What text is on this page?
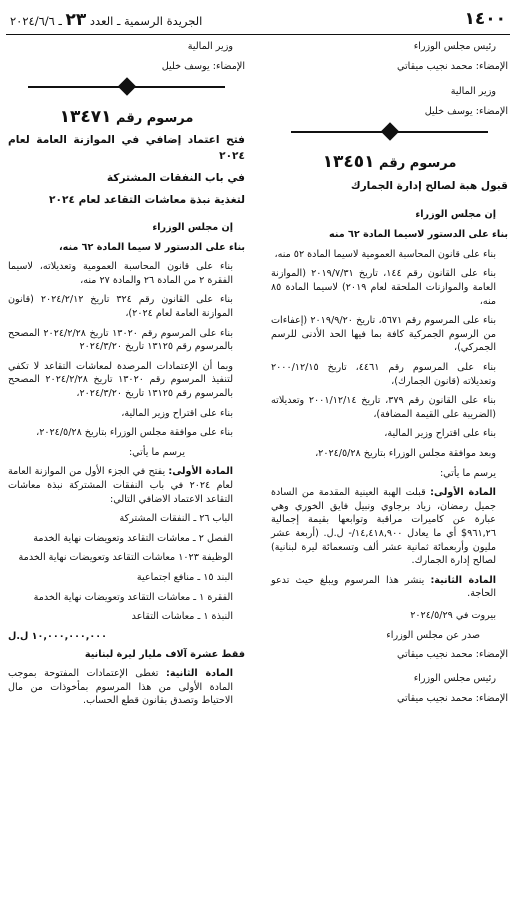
١٤٠٠
الجريدة الرسمية ـ العدد ٢٣ ـ ٢٠٢٤/٦/٦

رئيس مجلس الوزراء

الإمضاء: محمد نجيب ميقاتي

وزير المالية

الإمضاء: يوسف خليل

مرسوم رقم ١٣٤٥١

قبول هبة لصالح إدارة الجمارك

إن مجلس الوزراء

بناء على الدستور لاسيما المادة ٦٢ منه

بناء على قانون المحاسبة العمومية لاسيما المادة ٥٢ منه،

بناء على القانون رقم ١٤٤، تاريخ ٢٠١٩/٧/٣١ (الموازنة العامة والموازنات الملحقة لعام ٢٠١٩) لاسيما المادة ٨٥ منه،

بناء على المرسوم رقم ٥٦٧١، تاريخ ٢٠١٩/٩/٢٠ (إعفاءات من الرسوم الجمركية كافة بما فيها الحد الأدنى للرسم الجمركي)،

بناء على المرسوم رقم ٤٤٦١، تاريخ ٢٠٠٠/١٢/١٥ وتعديلاته (قانون الجمارك)،

بناء على القانون رقم ٣٧٩، تاريخ ٢٠٠١/١٢/١٤ وتعديلاته (الضريبة على القيمة المضافة)،

بناء على اقتراح وزير المالية،

وبعد موافقة مجلس الوزراء بتاريخ ٢٠٢٤/٥/٢٨،

يرسم ما يأتي:

المادة الأولى: قبلت الهبة العينية المقدمة من السادة جميل رمضان، زياد برجاوي ونبيل فايق الخوري وهي عبارة عن كاميرات مراقبة وتوابعها بقيمة إجمالية ٩٦١,٢٦$ أي ما يعادل ١٤,٤١٨,٩٠٠/- ل.ل. (أربعة عشر مليون وأربعمائة ثمانية عشر ألف وتسعمائة ليرة لبنانية) لصالح إدارة الجمارك.

المادة الثانية: ينشر هذا المرسوم ويبلغ حيث تدعو الحاجة.

بيروت في ٢٠٢٤/٥/٢٩

صدر عن مجلس الوزراء

الإمضاء: محمد نجيب ميقاتي

رئيس مجلس الوزراء

الإمضاء: محمد نجيب ميقاتي

وزير المالية

الإمضاء: يوسف خليل

مرسوم رقم ١٣٤٧١

فتح اعتماد إضافي في الموازنة العامة لعام ٢٠٢٤

في باب النفقات المشتركة

لتغذية نبذة معاشات التقاعد لعام ٢٠٢٤

إن مجلس الوزراء

بناء على الدستور لا سيما المادة ٦٢ منه،

بناء على قانون المحاسبة العمومية وتعديلاته، لاسيما الفقرة ٢ من المادة ٢٦ والمادة ٢٧ منه،

بناء على القانون رقم ٣٢٤ تاريخ ٢٠٢٤/٢/١٢ (قانون الموازنة العامة لعام ٢٠٢٤)،

بناء على المرسوم رقم ١٣٠٢٠ تاريخ ٢٠٢٤/٢/٢٨ المصحح بالمرسوم رقم ١٣١٢٥ تاريخ ٢٠٢٤/٣/٢٠

وبما أن الإعتمادات المرصدة لمعاشات التقاعد لا تكفي لتنفيذ المرسوم رقم ١٣٠٢٠ تاريخ ٢٠٢٤/٢/٢٨ المصحح بالمرسوم رقم ١٣١٢٥ تاريخ ٢٠٢٤/٣/٢٠،

بناء على اقتراح وزير المالية،

بناء على موافقة مجلس الوزراء بتاريخ ٢٠٢٤/٥/٢٨،

يرسم ما يأتي:

المادة الأولى: يفتح في الجزء الأول من الموازنة العامة لعام ٢٠٢٤ في باب النفقات المشتركة نبذة معاشات التقاعد الاعتماد الاضافي التالي:

الباب ٢٦ ـ النفقات المشتركة

الفصل ٢ ـ معاشات التقاعد وتعويضات نهاية الخدمة

الوظيفة ١٠٢٣ معاشات التقاعد وتعويضات نهاية الخدمة

البند ١٥ ـ منافع اجتماعية

الفقرة ١ ـ معاشات التقاعد وتعويضات نهاية الخدمة

النبذة ١ ـ معاشات التقاعد

١٠,٠٠٠,٠٠٠,٠٠٠ ل.ل

فقط عشرة آلاف مليار ليرة لبنانية

المادة الثانية: تغطى الإعتمادات المفتوحة بموجب المادة الأولى من هذا المرسوم بمأخوذات من مال الاحتياط وتصدق بقانون قطع الحساب.
